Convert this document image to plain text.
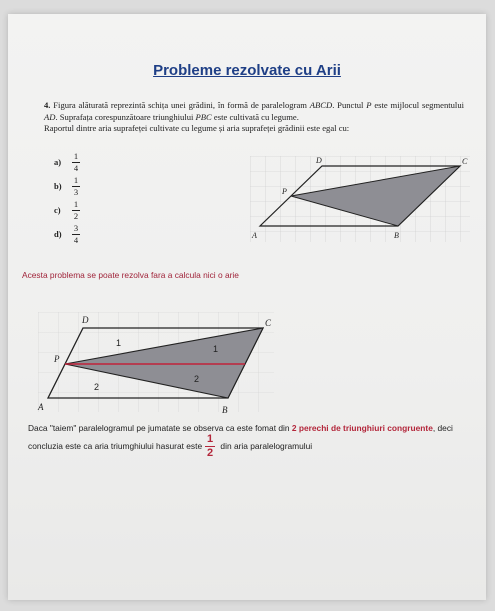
Probleme rezolvate cu Arii
4. Figura alăturată reprezintă schița unei grădini, în formă de paralelogram ABCD. Punctul P este mijlocul segmentului AD. Suprafața corespunzătoare triunghiului PBC este cultivată cu legume.
Raportul dintre aria suprafeței cultivate cu legume și aria suprafeței grădinii este egal cu:
a)	$\frac{1}{4}$
b)	$\frac{1}{3}$
c)	$\frac{1}{2}$
d)	$\frac{3}{4}$	A	B
C
D
P
Acesta problema se poate rezolva fara a calcula nici o arie
A	B
C
D
P
1
1
2
2
Daca "taiem" paralelogramul pe jumatate se observa ca este fomat din 2 perechi de triunghiuri congruente, deci
concluzia este ca aria triumghiului hasurat este $\frac{1}{2}$ din aria paralelogramului
